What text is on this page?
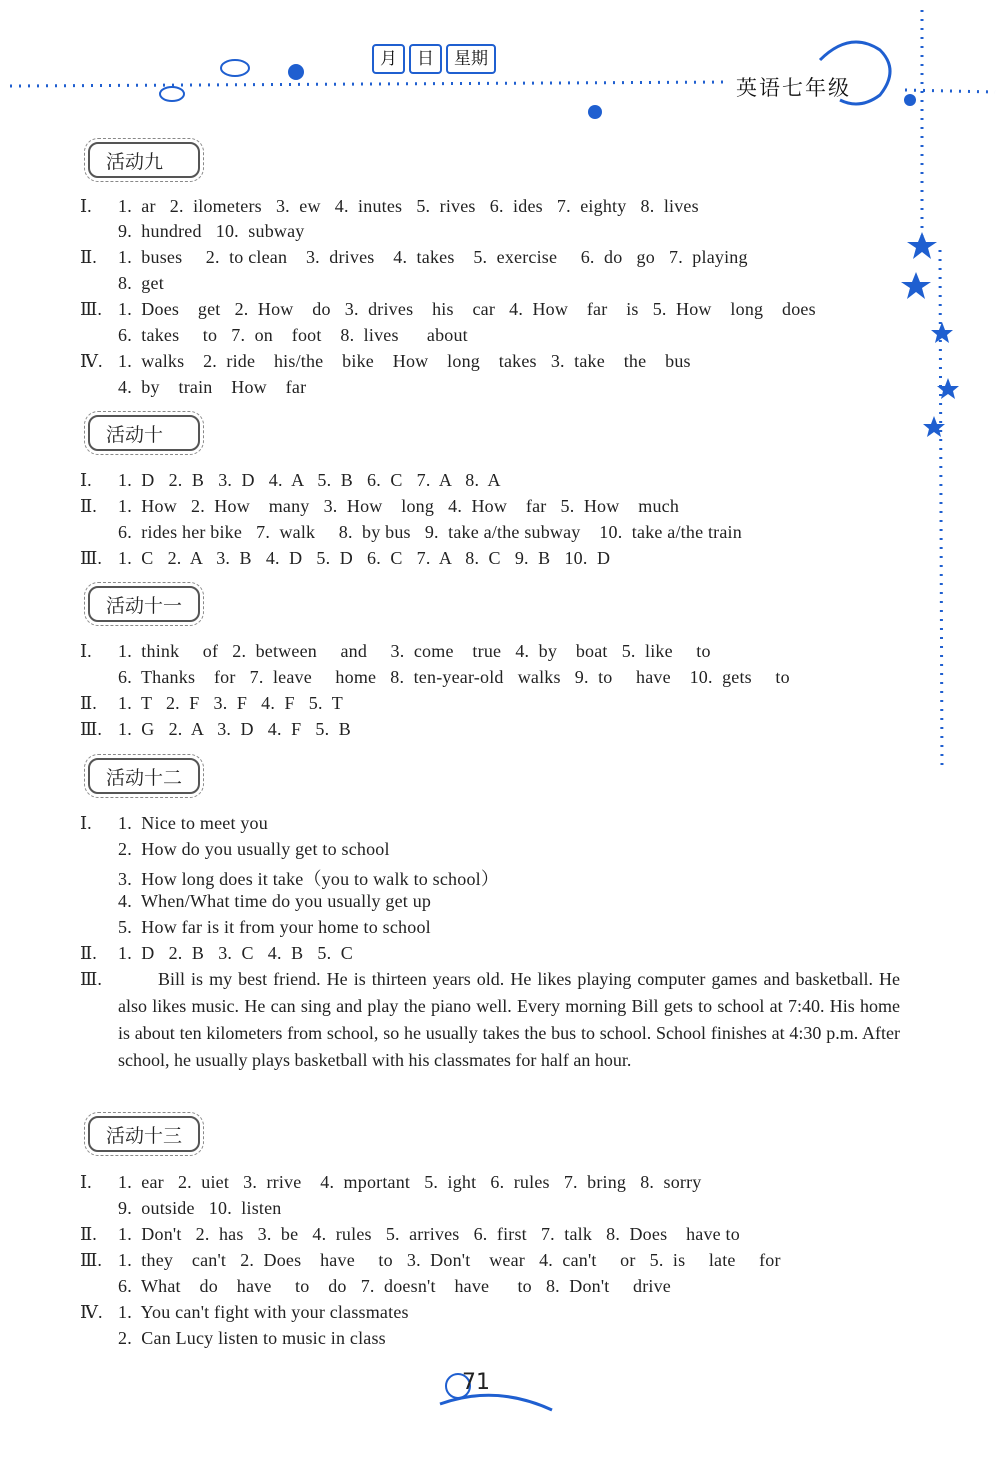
月	日	星期
英语七年级
活动九
Ⅰ. 1.  ar   2.  ilometers   3.  ew   4.  inutes   5.  rives   6.  ides   7.  eighty   8.  lives
9.  hundred   10.  subway
Ⅱ. 1.  buses     2.  to clean    3.  drives    4.  takes    5.  exercise     6.  do   go   7.  playing
8.  get
Ⅲ. 1.  Does    get   2.  How    do   3.  drives    his    car   4.  How    far    is   5.  How    long    does
6.  takes     to   7.  on    foot    8.  lives      about
Ⅳ. 1.  walks    2.  ride    his/the    bike    How    long    takes   3.  take    the    bus
4.  by    train    How    far
活动十
Ⅰ. 1.  D   2.  B   3.  D   4.  A   5.  B   6.  C   7.  A   8.  A
Ⅱ. 1.  How   2.  How    many   3.  How    long   4.  How    far   5.  How    much
6.  rides her bike   7.  walk     8.  by bus   9.  take a/the subway    10.  take a/the train
Ⅲ. 1.  C   2.  A   3.  B   4.  D   5.  D   6.  C   7.  A   8.  C   9.  B   10.  D
活动十一
Ⅰ. 1.  think     of   2.  between     and     3.  come    true   4.  by    boat   5.  like     to
6.  Thanks    for   7.  leave     home   8.  ten-year-old   walks   9.  to     have    10.  gets     to
Ⅱ. 1.  T   2.  F   3.  F   4.  F   5.  T
Ⅲ. 1.  G   2.  A   3.  D   4.  F   5.  B
活动十二
Ⅰ. 1.  Nice to meet you
2.  How do you usually get to school
3.  How long does it take（you to walk to school）
4.  When/What time do you usually get up
5.  How far is it from your home to school
Ⅱ. 1.  D   2.  B   3.  C   4.  B   5.  C
Ⅲ.	Bill is my best friend. He is thirteen years old. He likes playing computer games and basketball. He also likes music. He can sing and play the piano well. Every morning Bill gets to school at 7:40. His home is about ten kilometers from school, so he usually takes the bus to school. School finishes at 4:30 p.m. After school, he usually plays basketball with his classmates for half an hour.
活动十三
Ⅰ. 1.  ear   2.  uiet   3.  rrive    4.  mportant   5.  ight   6.  rules   7.  bring   8.  sorry
9.  outside   10.  listen
Ⅱ. 1.  Don't   2.  has   3.  be   4.  rules   5.  arrives   6.  first   7.  talk   8.  Does    have to
Ⅲ. 1.  they    can't   2.  Does    have     to   3.  Don't    wear   4.  can't     or   5.  is     late     for
6.  What    do    have     to    do   7.  doesn't    have      to   8.  Don't     drive
Ⅳ. 1.  You can't fight with your classmates
2.  Can Lucy listen to music in class
71
